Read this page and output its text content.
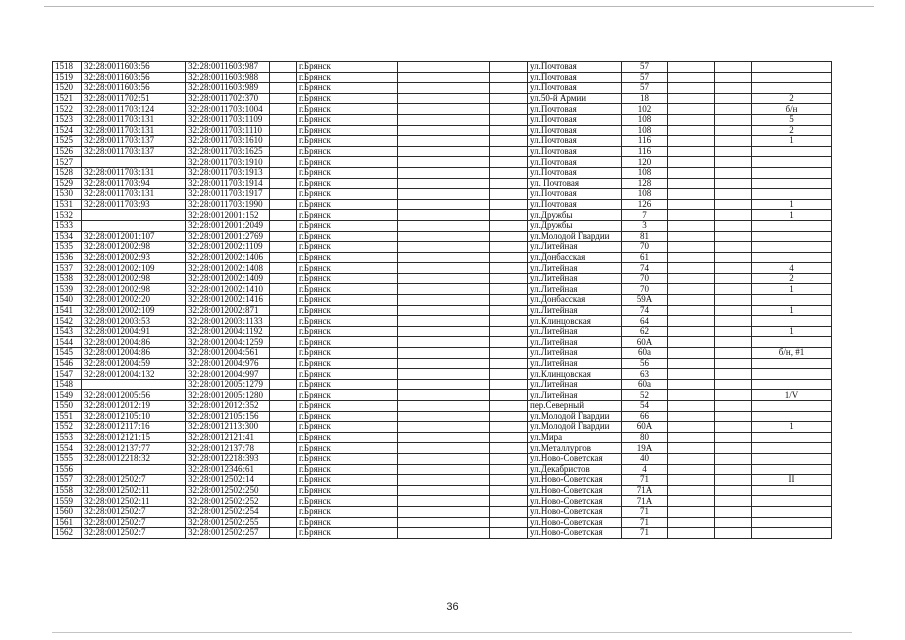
1518	32:28:0011603:56	32:28:0011603:987		г.Брянск			ул.Почтовая	57			
1519	32:28:0011603:56	32:28:0011603:988		г.Брянск			ул.Почтовая	57			
1520	32:28:0011603:56	32:28:0011603:989		г.Брянск			ул.Почтовая	57			
1521	32:28:0011702:51	32:28:0011702:370		г.Брянск			ул.50-й Армии	18			2
1522	32:28:0011703:124	32:28:0011703:1004		г.Брянск			ул.Почтовая	102			б/н
1523	32:28:0011703:131	32:28:0011703:1109		г.Брянск			ул.Почтовая	108			5
1524	32:28:0011703:131	32:28:0011703:1110		г.Брянск			ул.Почтовая	108			2
1525	32:28:0011703:137	32:28:0011703:1610		г.Брянск			ул.Почтовая	116			1
1526	32:28:0011703:137	32:28:0011703:1625		г.Брянск			ул.Почтовая	116			
1527		32:28:0011703:1910		г.Брянск			ул.Почтовая	120			
1528	32:28:0011703:131	32:28:0011703:1913		г.Брянск			ул.Почтовая	108			
1529	32:28:0011703:94	32:28:0011703:1914		г.Брянск			ул. Почтовая	128			
1530	32:28:0011703:131	32:28:0011703:1917		г.Брянск			ул.Почтовая	108			
1531	32:28:0011703:93	32:28:0011703:1990		г.Брянск			ул.Почтовая	126			1
1532		32:28:0012001:152		г.Брянск			ул.Дружбы	7			1
1533		32:28:0012001:2049		г.Брянск			ул.Дружбы	3			
1534	32:28:0012001:107	32:28:0012001:2769		г.Брянск			ул.Молодой Гвардии	81			
1535	32:28:0012002:98	32:28:0012002:1109		г.Брянск			ул.Литейная	70			
1536	32:28:0012002:93	32:28:0012002:1406		г.Брянск			ул.Донбасская	61			
1537	32:28:0012002:109	32:28:0012002:1408		г.Брянск			ул.Литейная	74			4
1538	32:28:0012002:98	32:28:0012002:1409		г.Брянск			ул.Литейная	70			2
1539	32:28:0012002:98	32:28:0012002:1410		г.Брянск			ул.Литейная	70			1
1540	32:28:0012002:20	32:28:0012002:1416		г.Брянск			ул.Донбасская	59А			
1541	32:28:0012002:109	32:28:0012002:871		г.Брянск			ул.Литейная	74			1
1542	32:28:0012003:53	32:28:0012003:1133		г.Брянск			ул.Клинцовская	64			
1543	32:28:0012004:91	32:28:0012004:1192		г.Брянск			ул.Литейная	62			1
1544	32:28:0012004:86	32:28:0012004:1259		г.Брянск			ул.Литейная	60А			
1545	32:28:0012004:86	32:28:0012004:561		г.Брянск			ул.Литейная	60а			б/н, #1
1546	32:28:0012004:59	32:28:0012004:976		г.Брянск			ул.Литейная	56			
1547	32:28:0012004:132	32:28:0012004:997		г.Брянск			ул.Клинцовская	63			
1548		32:28:0012005:1279		г.Брянск			ул.Литейная	60а			
1549	32:28:0012005:56	32:28:0012005:1280		г.Брянск			ул.Литейная	52			1/V
1550	32:28:0012012:19	32:28:0012012:352		г.Брянск			пер.Северный	54			
1551	32:28:0012105:10	32:28:0012105:156		г.Брянск			ул.Молодой Гвардии	66			
1552	32:28:0012117:16	32:28:0012113:300		г.Брянск			ул.Молодой Гвардии	60А			1
1553	32:28:0012121:15	32:28:0012121:41		г.Брянск			ул.Мира	80			
1554	32:28:0012137:77	32:28:0012137:78		г.Брянск			ул.Металлургов	19А			
1555	32:28:0012218:32	32:28:0012218:393		г.Брянск			ул.Ново-Советская	40			
1556		32:28:0012346:61		г.Брянск			ул.Декабристов	4			
1557	32:28:0012502:7	32:28:0012502:14		г.Брянск			ул.Ново-Советская	71			II
1558	32:28:0012502:11	32:28:0012502:250		г.Брянск			ул.Ново-Советская	71А			
1559	32:28:0012502:11	32:28:0012502:252		г.Брянск			ул.Ново-Советская	71А			
1560	32:28:0012502:7	32:28:0012502:254		г.Брянск			ул.Ново-Советская	71			
1561	32:28:0012502:7	32:28:0012502:255		г.Брянск			ул.Ново-Советская	71			
1562	32:28:0012502:7	32:28:0012502:257		г.Брянск			ул.Ново-Советская	71			
36
